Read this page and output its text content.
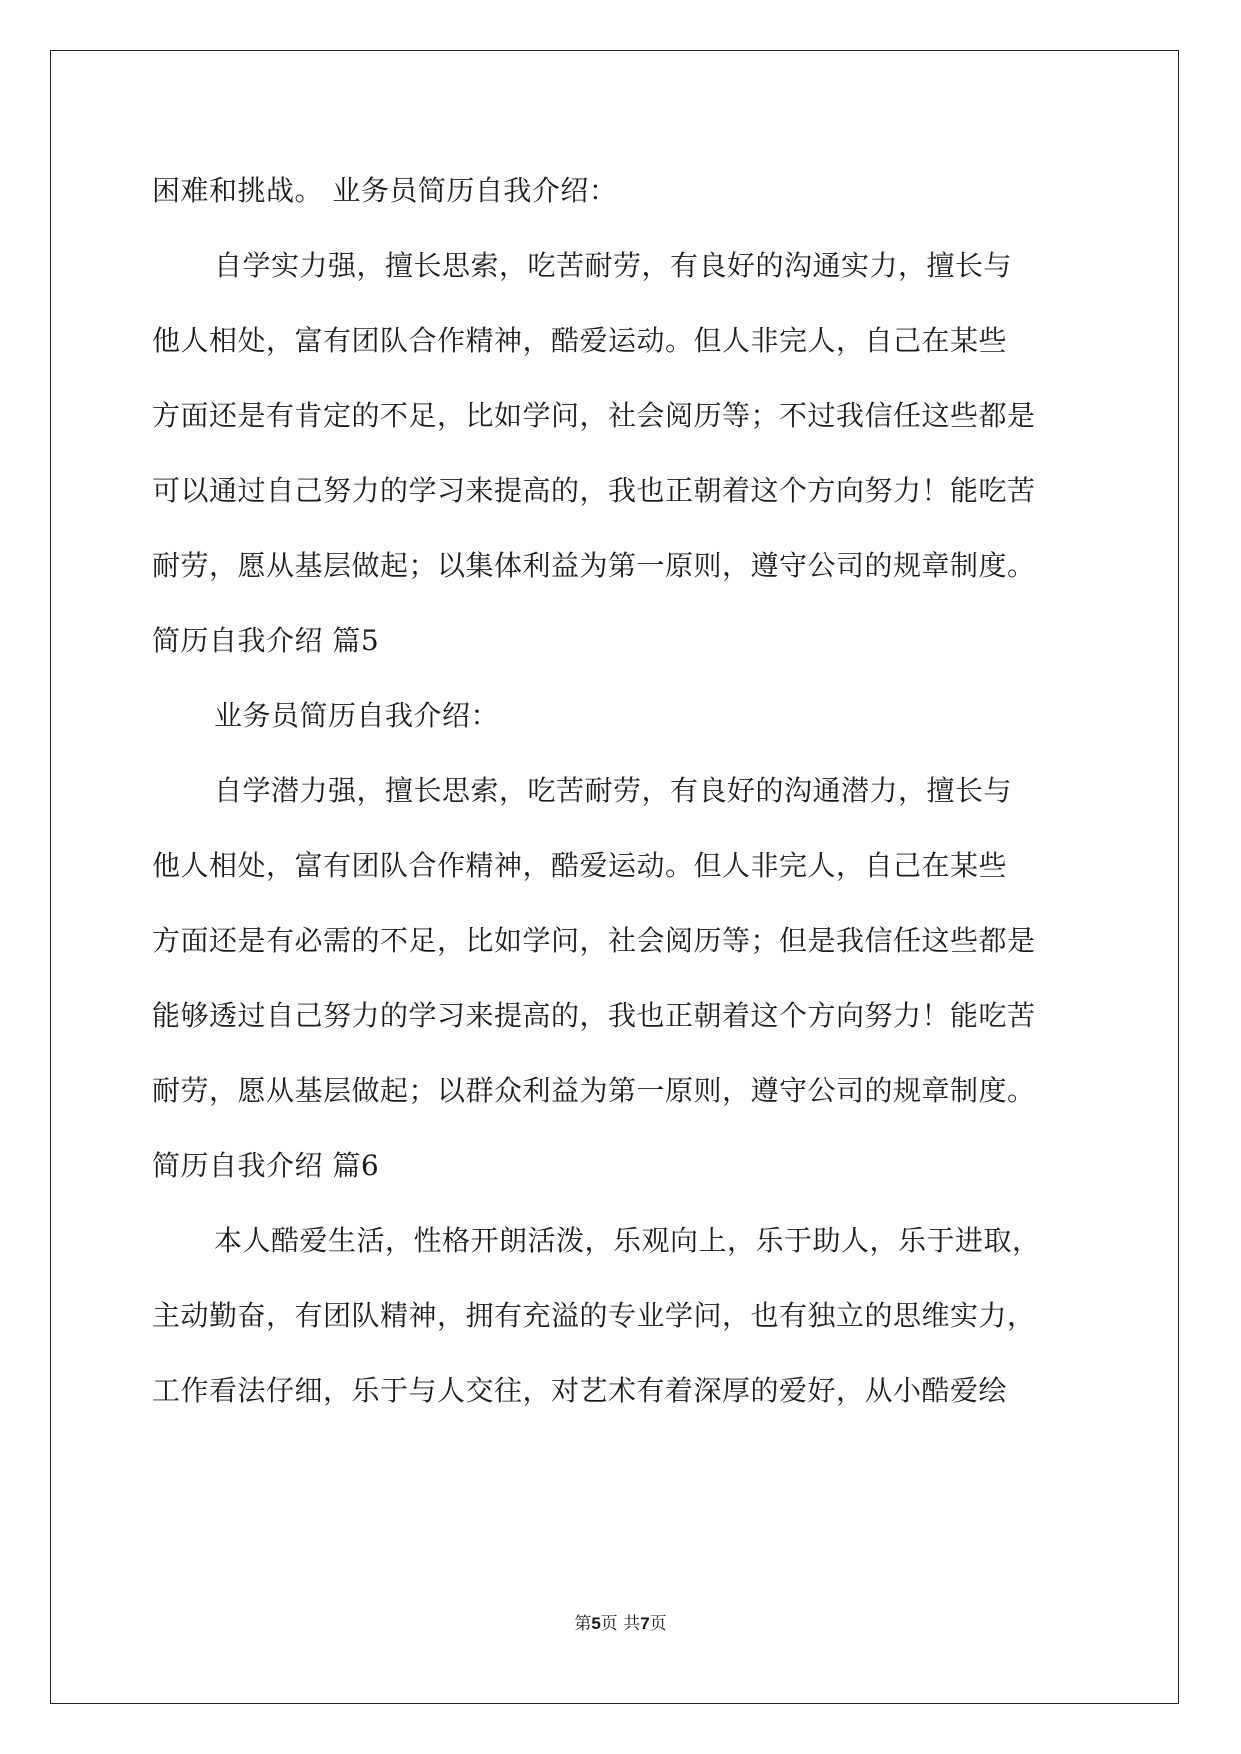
困难和挑战。 业务员简历自我介绍：
自学实力强，擅长思索，吃苦耐劳，有良好的沟通实力，擅长与
他人相处，富有团队合作精神，酷爱运动。但人非完人，自己在某些
方面还是有肯定的不足，比如学问，社会阅历等；不过我信任这些都是
可以通过自己努力的学习来提高的，我也正朝着这个方向努力！能吃苦
耐劳，愿从基层做起；以集体利益为第一原则，遵守公司的规章制度。
简历自我介绍 篇5
业务员简历自我介绍：
自学潜力强，擅长思索，吃苦耐劳，有良好的沟通潜力，擅长与
他人相处，富有团队合作精神，酷爱运动。但人非完人，自己在某些
方面还是有必需的不足，比如学问，社会阅历等；但是我信任这些都是
能够透过自己努力的学习来提高的，我也正朝着这个方向努力！能吃苦
耐劳，愿从基层做起；以群众利益为第一原则，遵守公司的规章制度。
简历自我介绍 篇6
本人酷爱生活，性格开朗活泼，乐观向上，乐于助人，乐于进取，
主动勤奋，有团队精神，拥有充溢的专业学问，也有独立的思维实力，
工作看法仔细，乐于与人交往，对艺术有着深厚的爱好，从小酷爱绘
第5页 共7页
